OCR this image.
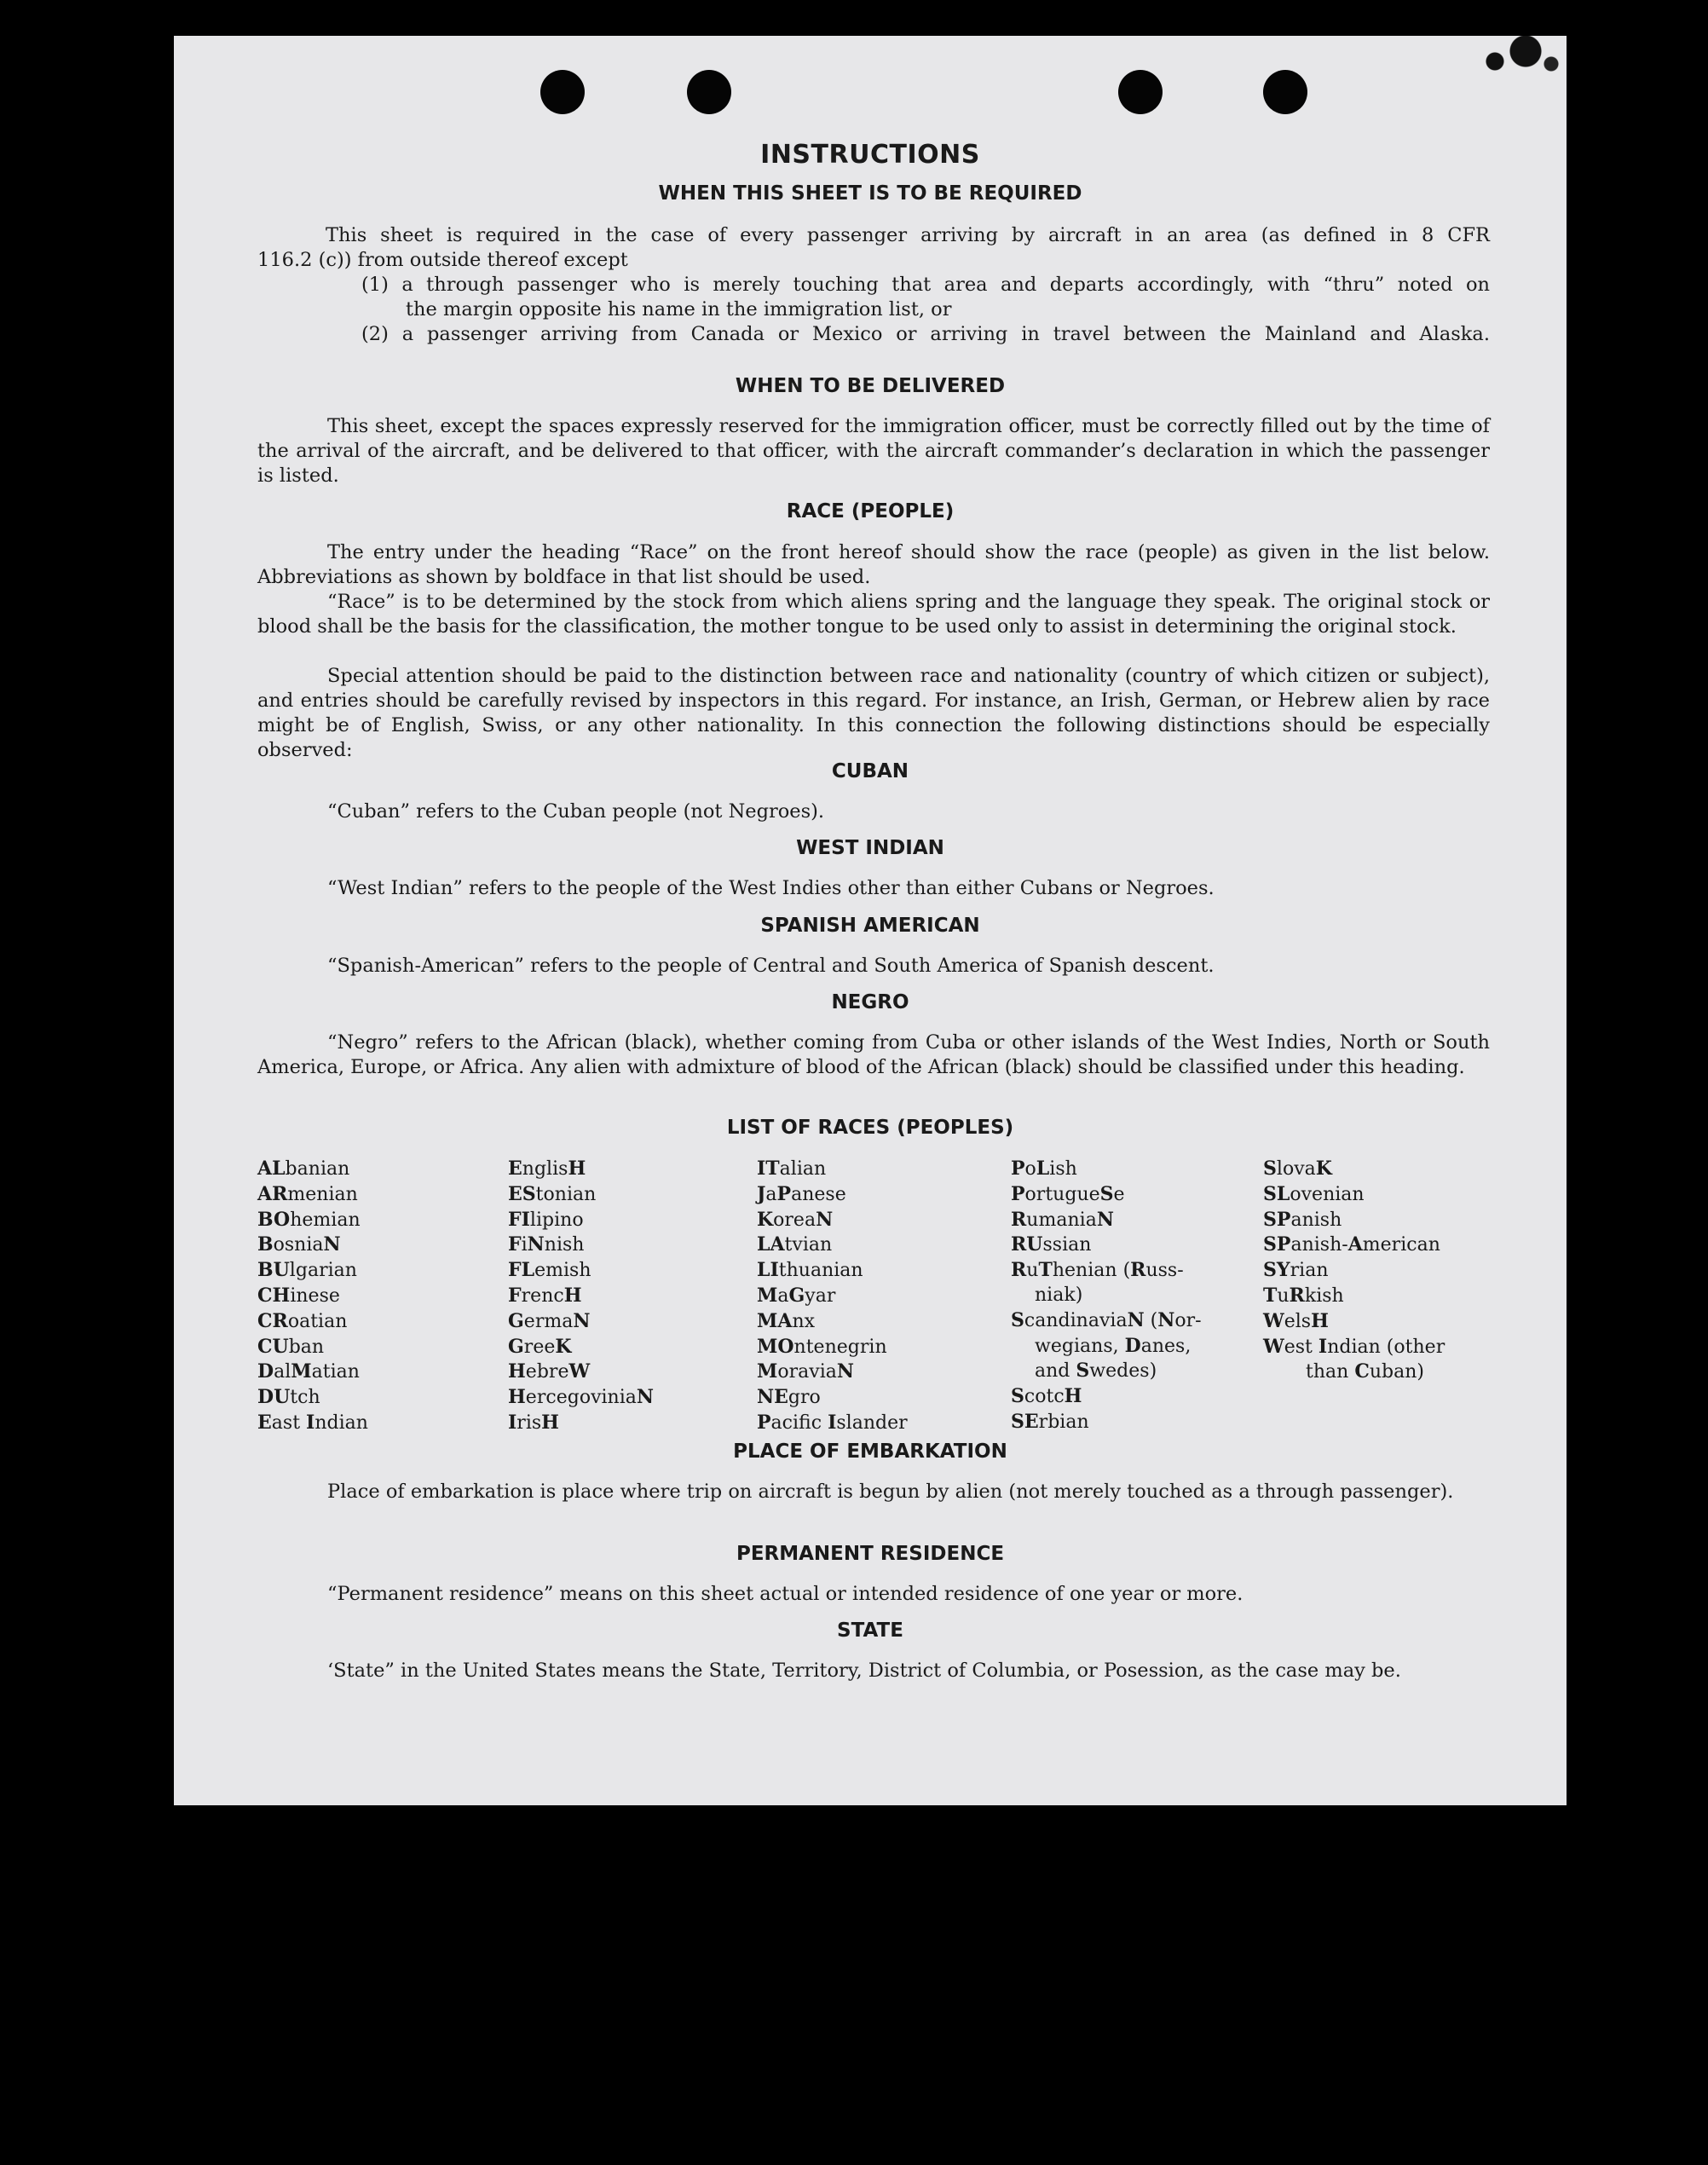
INSTRUCTIONS
WHEN THIS SHEET IS TO BE REQUIRED
This sheet is required in the case of every passenger arriving by aircraft in an area (as defined in 8 CFR
116.2 (c)) from outside thereof except
(1) a through passenger who is merely touching that area and departs accordingly, with “thru” noted on
the margin opposite his name in the immigration list, or
(2) a passenger arriving from Canada or Mexico or arriving in travel between the Mainland and Alaska.
WHEN TO BE DELIVERED
This sheet, except the spaces expressly reserved for the immigration officer, must be correctly filled out by the time of the arrival of the aircraft, and be delivered to that officer, with the aircraft commander’s declaration in which the passenger is listed.
RACE (PEOPLE)
The entry under the heading “Race” on the front hereof should show the race (people) as given in the list below. Abbreviations as shown by boldface in that list should be used.
“Race” is to be determined by the stock from which aliens spring and the language they speak. The original stock or blood shall be the basis for the classification, the mother tongue to be used only to assist in determining the original stock.
Special attention should be paid to the distinction between race and nationality (country of which citizen or subject), and entries should be carefully revised by inspectors in this regard. For instance, an Irish, German, or Hebrew alien by race might be of English, Swiss, or any other nationality. In this connection the following distinctions should be especially observed:
CUBAN
“Cuban” refers to the Cuban people (not Negroes).
WEST INDIAN
“West Indian” refers to the people of the West Indies other than either Cubans or Negroes.
SPANISH AMERICAN
“Spanish-American” refers to the people of Central and South America of Spanish descent.
NEGRO
“Negro” refers to the African (black), whether coming from Cuba or other islands of the West Indies, North or South America, Europe, or Africa. Any alien with admixture of blood of the African (black) should be classified under this heading.
LIST OF RACES (PEOPLES)
ALbanian
ARmenian
BOhemian
BosniaN
BUlgarian
CHinese
CRoatian
CUban
DalMatian
DUtch
East Indian
EnglisH
EStonian
FIlipino
FiNnish
FLemish
FrencH
GermaN
GreeK
HebreW
HercegoviniaN
IrisH
ITalian
JaPanese
KoreaN
LAtvian
LIthuanian
MaGyar
MAnx
MOntenegrin
MoraviaN
NEgro
Pacifc Islander
PoLish
PortugueSe
RumaniaN
RUssian
RuThenian (Russ-
niak)
ScandinaviaN (Nor-
wegians, Danes,
and Swedes)
ScotcH
SErbian
SlovaK
SLovenian
SPanish
SPanish-American
SYrian
TuRkish
WelsH
West Indian (other
than Cuban)
PLACE OF EMBARKATION
Place of embarkation is place where trip on aircraft is begun by alien (not merely touched as a through passenger).
PERMANENT RESIDENCE
“Permanent residence” means on this sheet actual or intended residence of one year or more.
STATE
‘State” in the United States means the State, Territory, District of Columbia, or Posession, as the case may be.
